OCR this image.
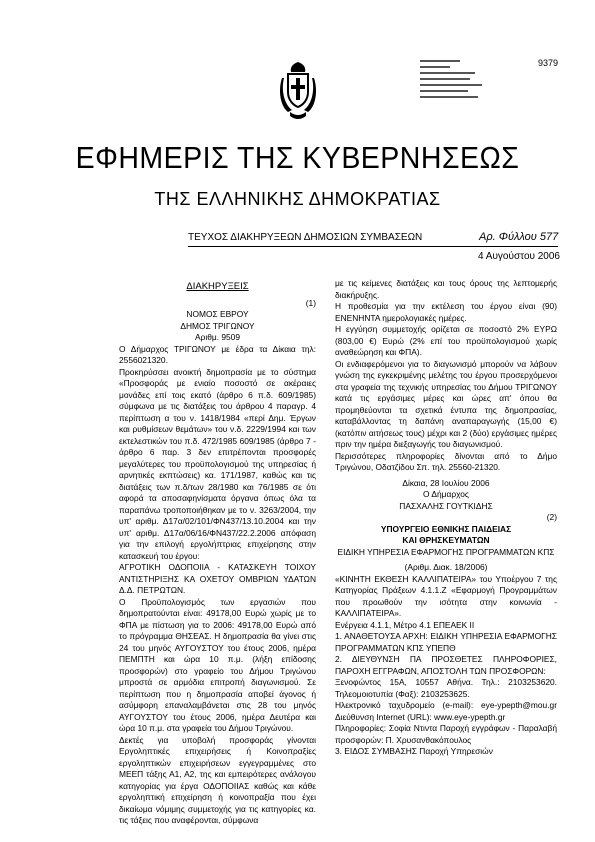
9379
ΕΦΗΜΕΡΙΣ ΤΗΣ ΚΥΒΕΡΝΗΣΕΩΣ
ΤΗΣ ΕΛΛΗΝΙΚΗΣ ΔΗΜΟΚΡΑΤΙΑΣ
ΤΕΥΧΟΣ ΔΙΑΚΗΡΥΞΕΩΝ ΔΗΜΟΣΙΩΝ ΣΥΜΒΑΣΕΩΝ	Αρ. Φύλλου 577
4 Αυγούστου 2006
ΔΙΑΚΗΡΥΞΕΙΣ
(1)
ΝΟΜΟΣ ΕΒΡΟΥ
ΔΗΜΟΣ ΤΡΙΓΩΝΟΥ
Αριθμ. 9509
Ο Δήμαρχος ΤΡΙΓΩΝΟΥ με έδρα τα Δίκαια τηλ: 2556021320.
Προκηρύσσει ανοικτή δημοπρασία με το σύστημα «Προσφοράς με ενιαίο ποσοστό σε ακέραιες μονάδες επί τοις εκατό (άρθρο 6 π.δ. 609/1985) σύμφωνα με τις διατάξεις του άρθρου 4 παραγρ. 4 περίπτωση α του ν. 1418/1984 «περί Δημ. Έργων και ρυθμίσεων θεμάτων» του ν.δ. 2229/1994 και των εκτελεστικών του π.δ. 472/1985 609/1985 (άρθρο 7 - άρθρο 6 παρ. 3 δεν επιτρέπονται προσφορές μεγαλύτερες του προϋπολογισμού της υπηρεσίας ή αρνητικές εκπτώσεις) κα. 171/1987, καθώς και τις διατάξεις των π.δ/των 28/1980 και 76/1985 σε ότι αφορά τα αποσαφηνίσματα όργανα όπως όλα τα παραπάνω τροποποιήθηκαν με το ν. 3263/2004, την υπ' αριθμ. Δ17α/02/101/ΦΝ437/13.10.2004 και την υπ' αριθμ. Δ17α/06/16/ΦΝ437/22.2.2006 απόφαση για την επιλογή εργολήπτριας επιχείρησης στην κατασκευή του έργου:
ΑΓΡΟΤΙΚΗ ΟΔΟΠΟΙΙΑ - ΚΑΤΑΣΚΕΥΗ ΤΟΙΧΟΥ ΑΝΤΙΣΤΗΡΙΞΗΣ ΚΑ ΟΧΕΤΟΥ ΟΜΒΡΙΩΝ ΥΔΑΤΩΝ Δ.Δ. ΠΕΤΡΩΤΩΝ.
Ο Προϋπολογισμός των εργασιών που δημοπρατούνται είναι: 49178,00 Ευρώ χωρίς με το ΦΠΑ με πίστωση για το 2006: 49178,00 Ευρώ από το πρόγραμμα ΘΗΣΕΑΣ. Η δημοπρασία θα γίνει στις 24 του μηνός ΑΥΓΟΥΣΤΟΥ του έτους 2006, ημέρα ΠΕΜΠΤΗ και ώρα 10 π.μ. (λήξη επίδοσης προσφορών) στο γραφείο του Δήμου Τριγώνου μπροστά σε αρμόδια επιτροπή διαγωνισμού. Σε περίπτωση που η δημοπρασία αποβεί άγονος ή ασύμφορη επαναλαμβάνεται στις 28 του μηνός ΑΥΓΟΥΣΤΟΥ του έτους 2006, ημέρα Δευτέρα και ώρα 10 π.μ. στα γραφεία του Δήμου Τριγώνου.
Δεκτές για υποβολή προσφοράς γίνονται Εργοληπτικές επιχειρήσεις ή Κοινοπραξίες εργοληπτικών επιχειρήσεων εγγεγραμμένες στο ΜΕΕΠ τάξης Α1, Α2, της και εμπειρότερες ανάλογου κατηγορίας για έργα ΟΔΟΠΟΙΙΑΣ καθώς και κάθε εργοληπτική επιχείρηση ή κοινοπραξία που έχει δικαίωμα νόμιμης συμμετοχής για τις κατηγορίες κα. τις τάξεις που αναφέρονται, σύμφωνα
με τις κείμενες διατάξεις και τους όρους της λεπτομερής διακήρυξης.
Η προθεσμία για την εκτέλεση του έργου είναι (90) ΕΝΕΝΗΝΤΑ ημερολογιακές ημέρες.
Η εγγύηση συμμετοχής ορίζεται σε ποσοστό 2% ΕΥΡΩ (803,00 €) Ευρώ (2% επί του προϋπολογισμού χωρίς αναθεώρηση και ΦΠΑ).
Οι ενδιαφερόμενοι για το διαγωνισμό μπορούν να λάβουν γνώση της εγκεκριμένης μελέτης του έργου προσερχόμενοι στα γραφεία της τεχνικής υπηρεσίας του Δήμου ΤΡΙΓΩΝΟΥ κατά τις εργάσιμες μέρες και ώρες απ' όπου θα προμηθεύονται τα σχετικά έντυπα της δημοπρασίας, καταβάλλοντας τη δαπάνη αναπαραγωγής (15,00 €) (κατόπιν αιτήσεως τους) μέχρι και 2 (δύο) εργάσιμες ημέρες πριν την ημέρα διεξαγωγής του διαγωνισμού.
Περισσότερες πληροφορίες δίνονται από το Δήμο Τριγώνου, Οδατζίδου Σπ. τηλ. 25560-21320.
Δίκαια, 28 Ιουλίου 2006
Ο Δήμαρχος
ΠΑΣΧΑΛΗΣ ΓΟΥΤΚΙΔΗΣ
(2)
ΥΠΟΥΡΓΕΙΟ ΕΘΝΙΚΗΣ ΠΑΙΔΕΙΑΣ
ΚΑΙ ΘΡΗΣΚΕΥΜΑΤΩΝ
ΕΙΔΙΚΗ ΥΠΗΡΕΣΙΑ ΕΦΑΡΜΟΓΗΣ ΠΡΟΓΡΑΜΜΑΤΩΝ ΚΠΣ
(Αριθμ. Διακ. 18/2006)
«ΚΙΝΗΤΗ ΕΚΘΕΣΗ ΚΑΛΛΙΠΑΤΕΙΡΑ» του Υποέργου 7 της Κατηγορίας Πράξεων 4.1.1.Ζ «Εφαρμογή Προγραμμάτων που προωθούν την ισότητα στην κοινωνία - ΚΑΛΛΙΠΑΤΕΙΡΑ».
Ενέργεια 4.1.1, Μέτρο 4.1 ΕΠΕΑΕΚ ΙΙ
1. ΑΝΑΘΕΤΟΥΣΑ ΑΡΧΗ: ΕΙΔΙΚΗ ΥΠΗΡΕΣΙΑ ΕΦΑΡΜΟΓΗΣ ΠΡΟΓΡΑΜΜΑΤΩΝ ΚΠΣ ΥΠΕΠΘ
2. ΔΙΕΥΘΥΝΣΗ ΠΑ ΠΡΟΣΘΕΤΕΣ ΠΛΗΡΟΦΟΡΙΕΣ, ΠΑΡΟΧΗ ΕΓΓΡΑΦΩΝ, ΑΠΟΣΤΟΛΗ ΤΩΝ ΠΡΟΣΦΟΡΩΝ:
Ξενοφώντος 15Α, 10557 Αθήνα. Τηλ.: 2103253620. Τηλεομοιοτυπία (Φαξ): 2103253625.
Ηλεκτρονικό ταχυδρομείο (e-mail): eye-ypepth@mou.gr Διεύθυνση Internet (URL): www.eye-ypepth.gr
Πληροφορίες: Σοφία Ντιντα Παροχή εγγράφων - Παραλαβή προσφορών: Π. Χρυσανθακόπουλος
3. ΕΙΔΟΣ ΣΥΜΒΑΣΗΣ Παροχή Υπηρεσιών
